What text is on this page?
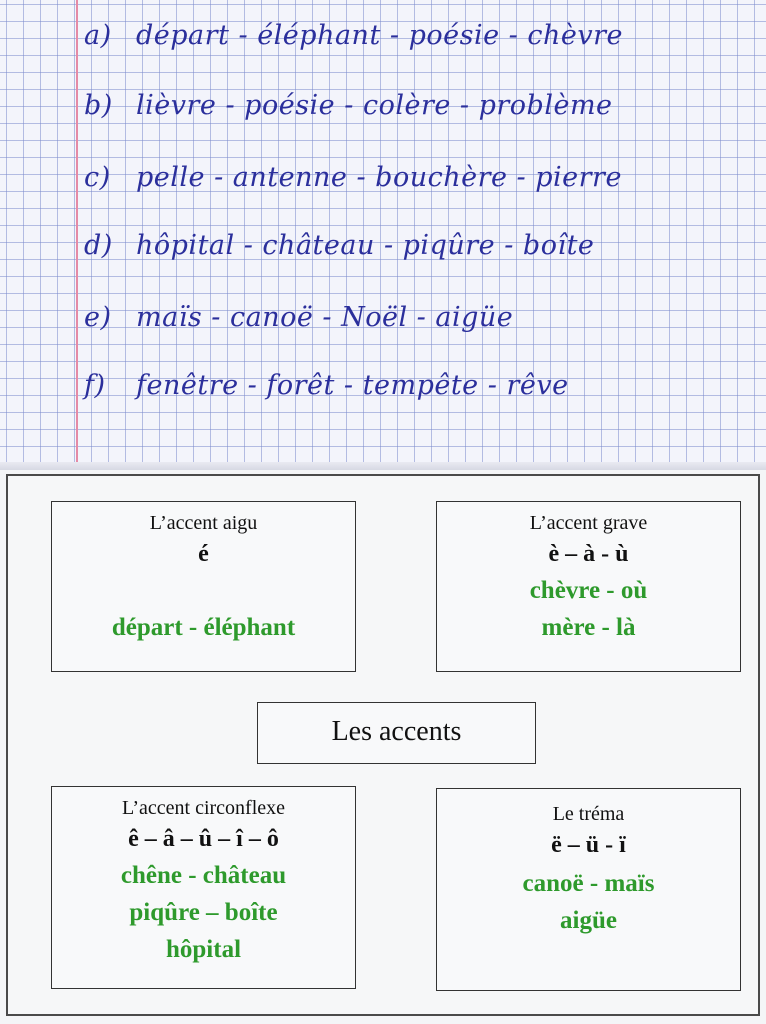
a) départ - éléphant - poésie - chèvre
b) lièvre - poésie - colère - problème
c) pelle - antenne - bouchère - pierre
d) hôpital - château - piqûre - boîte
e) maïs - canoë - Noël - aigüe
f) fenêtre - forêt - tempête - rêve
L’accent aigu
é
départ - éléphant
L’accent grave
è – à - ù
chèvre - où
mère - là
Les accents
L’accent circonflexe
ê – â – û – î – ô
chêne - château
piqûre – boîte
hôpital
Le tréma
ë – ü - ï
canoë - maïs
aigüe
